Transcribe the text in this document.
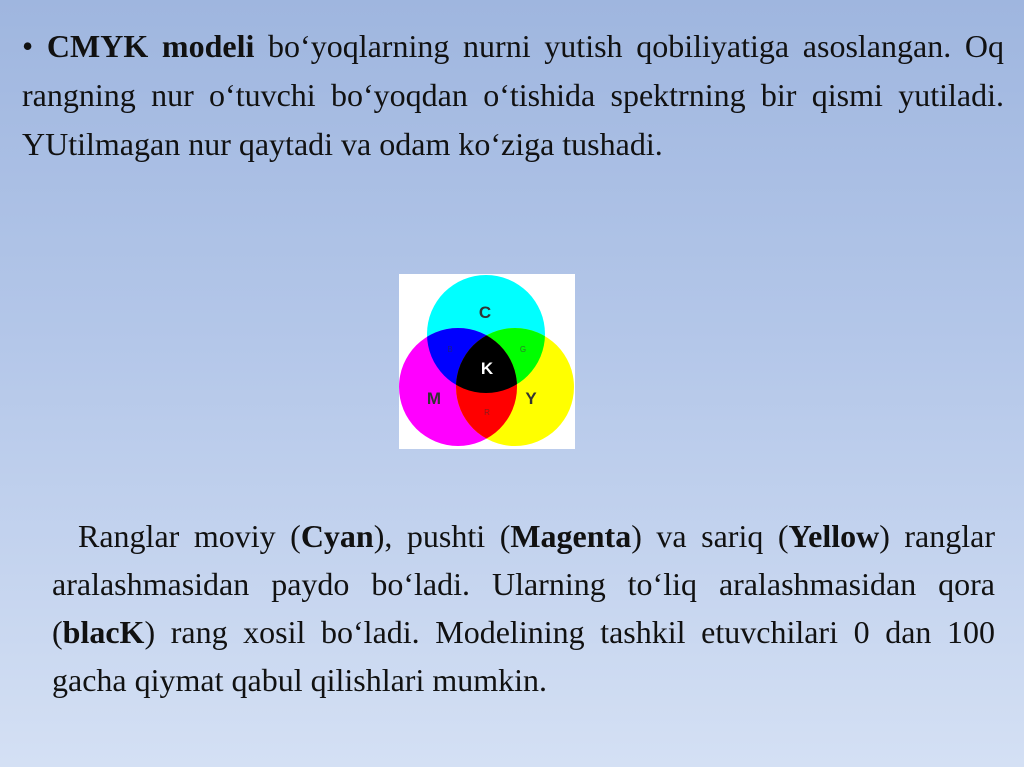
• CMYK modeli bo‘yoqlarning nurni yutish qobiliyatiga asoslangan. Oq rangning nur o‘tuvchi bo‘yoqdan o‘tishida spektrning bir qismi yutiladi. YUtilmagan nur qaytadi va odam ko‘ziga tushadi.

C
M	Y
K
B	G
R

Ranglar moviy (Cyan), pushti (Magenta) va sariq (Yellow) ranglar aralashmasidan paydo bo‘ladi. Ularning to‘liq aralashmasidan qora (blacK) rang xosil bo‘ladi. Modelining tashkil etuvchilari 0 dan 100 gacha qiymat qabul qilishlari mumkin.
